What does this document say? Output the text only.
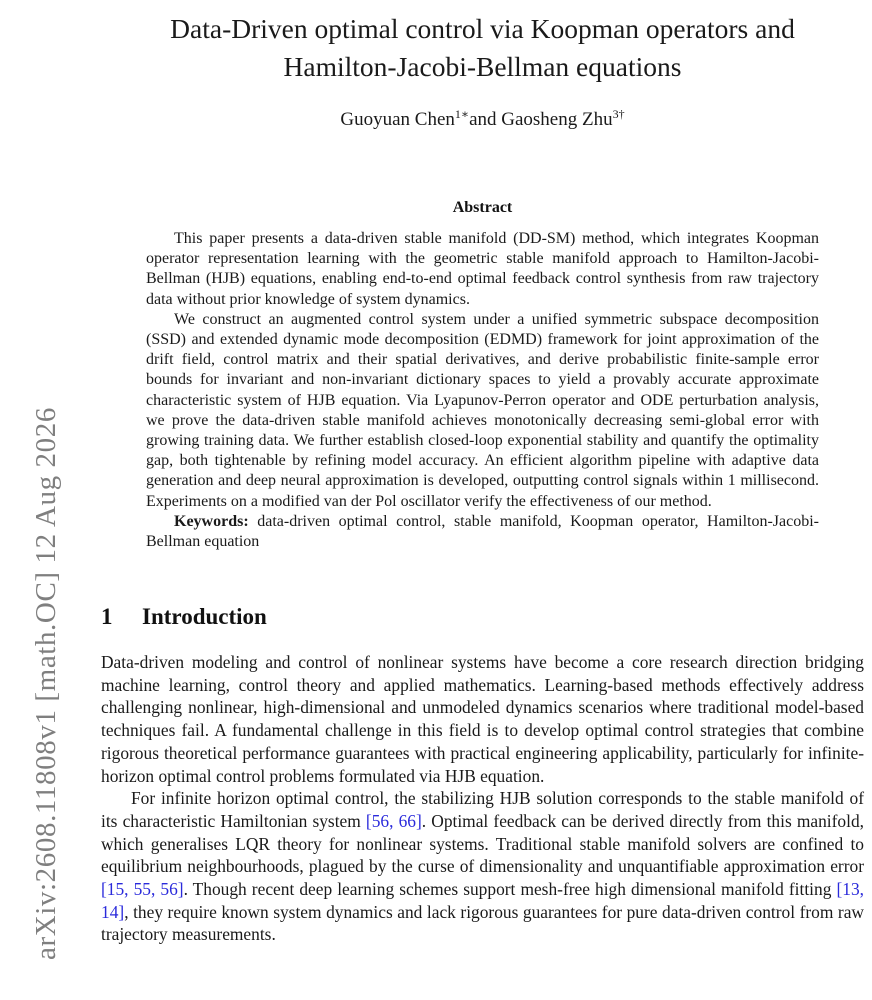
arXiv:2608.11808v1 [math.OC] 12 Aug 2026
Data-Driven optimal control via Koopman operators and
Hamilton-Jacobi-Bellman equations
Guoyuan Chen$^{1∗}$and Gaosheng Zhu$^{3\dagger}$
Abstract

This paper presents a data-driven stable manifold (DD-SM) method, which integrates Koopman operator representation learning with the geometric stable manifold approach to Hamilton-Jacobi-Bellman (HJB) equations, enabling end-to-end optimal feedback control synthesis from raw trajectory data without prior knowledge of system dynamics.

We construct an augmented control system under a unified symmetric subspace decomposition (SSD) and extended dynamic mode decomposition (EDMD) framework for joint approximation of the drift field, control matrix and their spatial derivatives, and derive probabilistic finite-sample error bounds for invariant and non-invariant dictionary spaces to yield a provably accurate approximate characteristic system of HJB equation. Via Lyapunov-Perron operator and ODE perturbation analysis, we prove the data-driven stable manifold achieves monotonically decreasing semi-global error with growing training data. We further establish closed-loop exponential stability and quantify the optimality gap, both tightenable by refining model accuracy. An efficient algorithm pipeline with adaptive data generation and deep neural approximation is developed, outputting control signals within 1 millisecond. Experiments on a modified van der Pol oscillator verify the effectiveness of our method.

Keywords: data-driven optimal control, stable manifold, Koopman operator, Hamilton-Jacobi-Bellman equation

1 Introduction

Data-driven modeling and control of nonlinear systems have become a core research direction bridging machine learning, control theory and applied mathematics. Learning-based methods effectively address challenging nonlinear, high-dimensional and unmodeled dynamics scenarios where traditional model-based techniques fail. A fundamental challenge in this field is to develop optimal control strategies that combine rigorous theoretical performance guarantees with practical engineering applicability, particularly for infinite-horizon optimal control problems formulated via HJB equation.

For infinite horizon optimal control, the stabilizing HJB solution corresponds to the stable manifold of its characteristic Hamiltonian system [56, 66]. Optimal feedback can be derived directly from this manifold, which generalises LQR theory for nonlinear systems. Traditional stable manifold solvers are confined to equilibrium neighbourhoods, plagued by the curse of dimensionality and unquantifiable approximation error [15, 55, 56]. Though recent deep learning schemes support mesh-free high dimensional manifold fitting [13, 14], they require known system dynamics and lack rigorous guarantees for pure data-driven control from raw trajectory measurements.
